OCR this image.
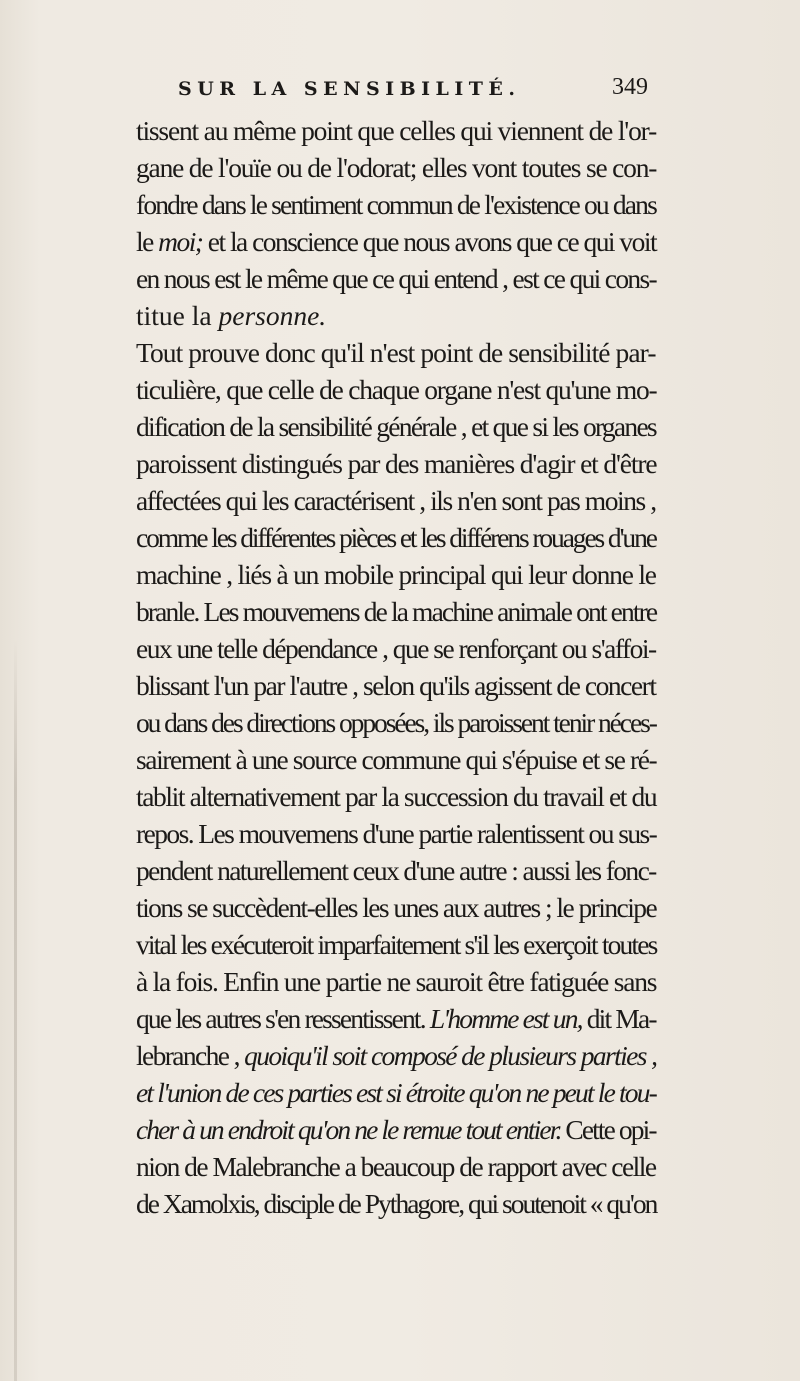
SUR LA SENSIBILITÉ.	349
tissent au même point que celles qui viennent de l'or-
gane de l'ouïe ou de l'odorat; elles vont toutes se con-
fondre dans le sentiment commun de l'existence ou dans
le moi; et la conscience que nous avons que ce qui voit
en nous est le même que ce qui entend , est ce qui cons-
titue la personne.
Tout prouve donc qu'il n'est point de sensibilité par-
ticulière, que celle de chaque organe n'est qu'une mo-
dification de la sensibilité générale , et que si les organes
paroissent distingués par des manières d'agir et d'être
affectées qui les caractérisent , ils n'en sont pas moins ,
comme les différentes pièces et les différens rouages d'une
machine , liés à un mobile principal qui leur donne le
branle. Les mouvemens de la machine animale ont entre
eux une telle dépendance , que se renforçant ou s'affoi-
blissant l'un par l'autre , selon qu'ils agissent de concert
ou dans des directions opposées, ils paroissent tenir néces-
sairement à une source commune qui s'épuise et se ré-
tablit alternativement par la succession du travail et du
repos. Les mouvemens d'une partie ralentissent ou sus-
pendent naturellement ceux d'une autre : aussi les fonc-
tions se succèdent-elles les unes aux autres ; le principe
vital les exécuteroit imparfaitement s'il les exerçoit toutes
à la fois. Enfin une partie ne sauroit être fatiguée sans
que les autres s'en ressentissent. L'homme est un, dit Ma-
lebranche , quoiqu'il soit composé de plusieurs parties ,
et l'union de ces parties est si étroite qu'on ne peut le tou-
cher à un endroit qu'on ne le remue tout entier. Cette opi-
nion de Malebranche a beaucoup de rapport avec celle
de Xamolxis, disciple de Pythagore, qui soutenoit « qu'on
